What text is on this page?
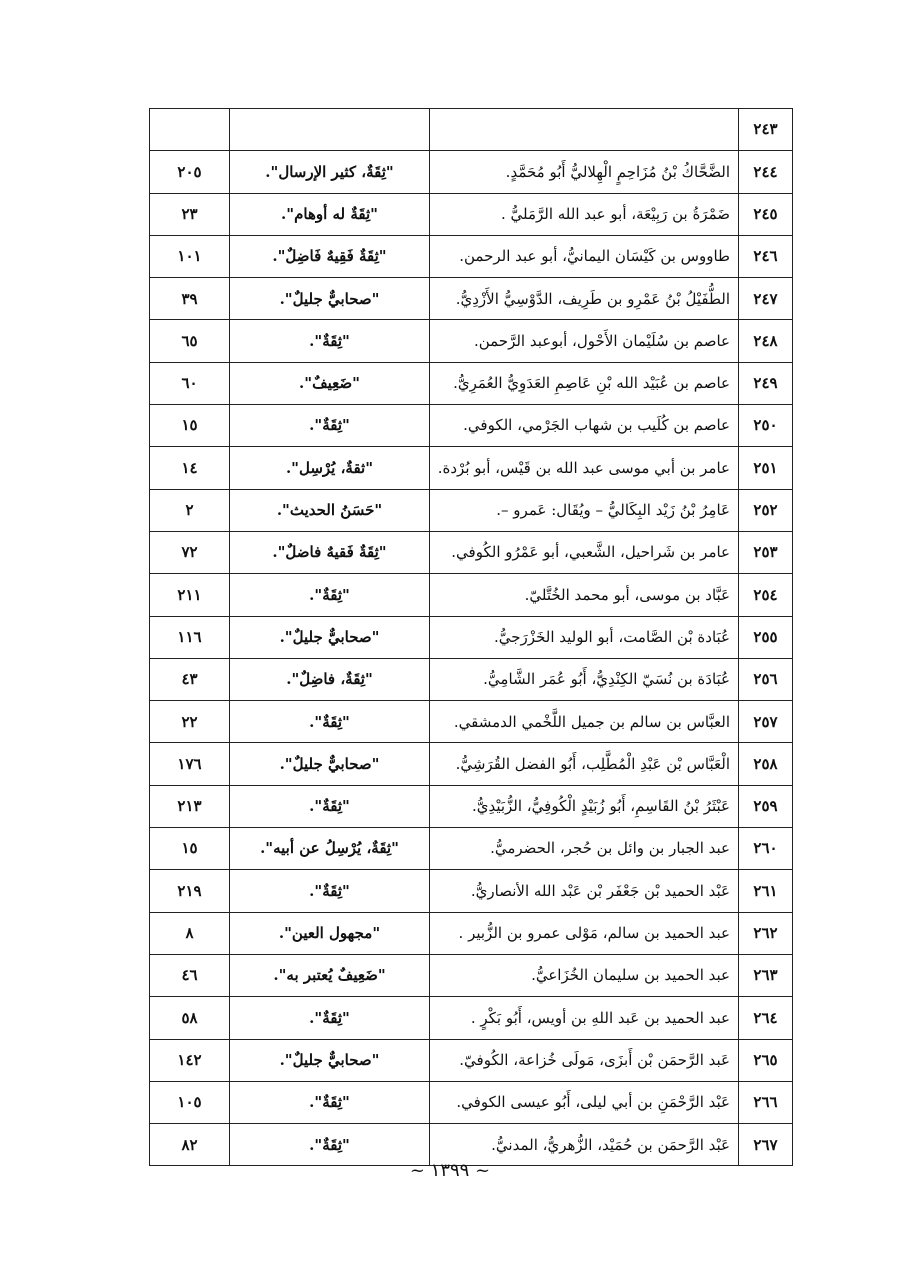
٢٤٣			
٢٤٤	الضَّحَّاكُ بْنُ مُزَاحِمٍ الْهِلاليُّ أَبُو مُحَمَّدٍ.	"ثِقَةٌ، كثير الإرسال".	٢٠٥
٢٤٥	ضَمْرَةُ بن رَبِيْعَة، أبو عبد الله الرَّمَليُّ .	"ثِقَةٌ له أوهام".	٢٣
٢٤٦	طاووس بن كَيْسَان اليمانيُّ، أبو عبد الرحمن.	"ثِقَةٌ فَقِيهٌ فَاضِلٌ".	١٠١
٢٤٧	الطُّفَيْلُ بْنُ عَمْرِو بن طَرِيف، الدَّوْسِيُّ الأَزْدِيُّ.	"صحابيٌّ جليلٌ".	٣٩
٢٤٨	عاصم بن سُلَيْمان الأَحْول، أبوعبد الرَّحمن.	"ثِقَةٌ".	٦٥
٢٤٩	عاصم بن عُبَيْد الله بْنِ عَاصِمِ العَدَوِيُّ العُمَرِيُّ.	"ضَعِيفٌ".	٦٠
٢٥٠	عاصم بن كُلَيب بن شهاب الجَرْمي، الكوفي.	"ثِقَةٌ".	١٥
٢٥١	عامر بن أبي موسى عبد الله بن قَيْس، أبو بُرْدة.	"ثقةٌ، يُرْسِل".	١٤
٢٥٢	عَامِرُ بْنُ زَيْد البِكَاليُّ – ويُقَال: عَمرو –.	"حَسَنُ الحديث".	٢
٢٥٣	عامر بن شَراحيل، الشَّعبي، أبو عَمْرُو الكُوفي.	"ثِقَةٌ فَقيهٌ فاضلٌ".	٧٢
٢٥٤	عَبَّاد بن موسى، أبو محمد الخُتَّليّ.	"ثِقَةٌ".	٢١١
٢٥٥	عُبَادة بْن الصَّامت، أبو الوليد الخَزْرَجيُّ.	"صحابيٌّ جليلٌ".	١١٦
٢٥٦	عُبَادَة بن نُسَيّ الكِنْدِيُّ، أَبُو عُمَر الشَّامِيُّ.	"ثِقَةٌ، فاضِلٌ".	٤٣
٢٥٧	العبَّاس بن سالم بن جميل اللَّخْمي الدمشقي.	"ثِقَةٌ".	٢٢
٢٥٨	الْعَبَّاس بْن عَبْدِ الْمُطَّلِب، أَبُو الفضل القُرَشِيُّ.	"صحابيٌّ جليلٌ".	١٧٦
٢٥٩	عَبْثَرُ بْنُ القَاسِمِ، أَبُو زُبَيْدٍ الْكُوفِيُّ، الزُّبَيْدِيُّ.	"ثِقَةٌ".	٢١٣
٢٦٠	عبد الجبار بن وائل بن حُجر، الحضرميُّ.	"ثِقَةٌ، يُرْسِلُ عن أبيه".	١٥
٢٦١	عَبْد الحميد بْن جَعْفَر بْن عَبْد الله الأنصاريُّ.	"ثِقَةٌ".	٢١٩
٢٦٢	عبد الحميد بن سالم، مَوْلى عمرو بن الزُّبير .	"مجهول العين".	٨
٢٦٣	عبد الحميد بن سليمان الخُزَاعيُّ.	"ضَعِيفٌ يُعتبر به".	٤٦
٢٦٤	عبد الحميد بن عَبد اللهِ بن أويس، أَبُو بَكْرٍ .	"ثِقَةٌ".	٥٨
٢٦٥	عَبد الرَّحمَن بْن أَبزَى، مَولَى خُزاعة، الكُوفيّ.	"صحابيٌّ جليلٌ".	١٤٢
٢٦٦	عَبْد الرَّحْمَنِ بن أبي ليلى، أَبُو عيسى الكوفي.	"ثِقَةٌ".	١٠٥
٢٦٧	عَبْد الرَّحمَن بن حُمَيْد، الزُّهريُّ، المدنيُّ.	"ثِقَةٌ".	٨٢
~ ١٣٩٩ ~
